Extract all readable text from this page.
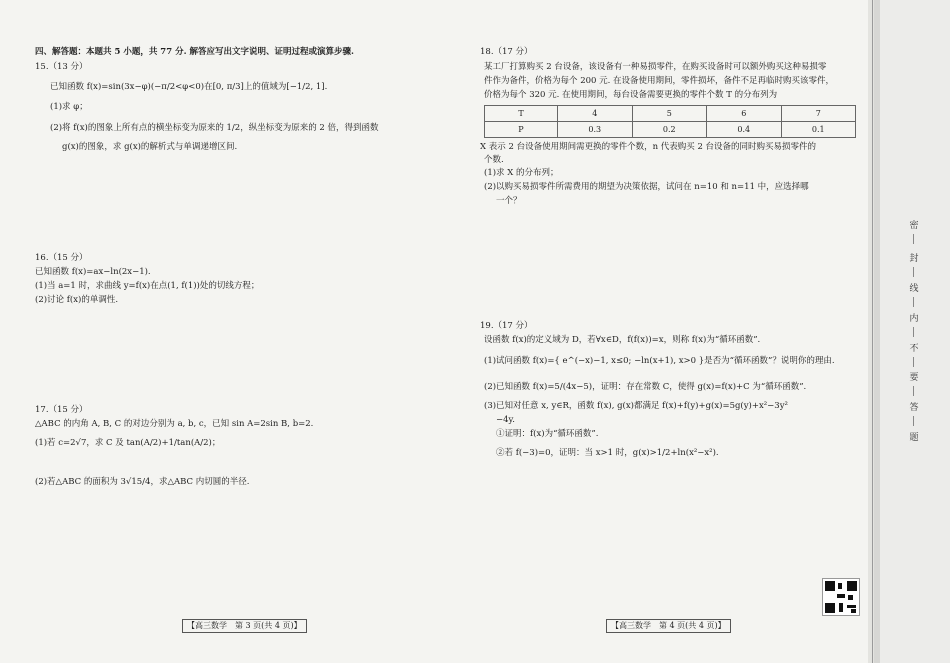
四、解答题：本题共 5 小题，共 77 分. 解答应写出文字说明、证明过程或演算步骤.
15.（13 分）
已知函数 f(x)=sin(3x−φ)(−π/2<φ<0)在[0, π/3]上的值域为[−1/2, 1].
(1)求 φ；
(2)将 f(x)的图象上所有点的横坐标变为原来的 1/2，纵坐标变为原来的 2 倍，得到函数
g(x)的图象，求 g(x)的解析式与单调递增区间.
16.（15 分）
已知函数 f(x)=ax−ln(2x−1).
(1)当 a=1 时，求曲线 y=f(x)在点(1, f(1))处的切线方程；
(2)讨论 f(x)的单调性.
17.（15 分）
△ABC 的内角 A, B, C 的对边分别为 a, b, c，已知 sin A=2sin B, b=2.
(1)若 c=2√7，求 C 及 tan(A/2)+1/tan(A/2)；
(2)若△ABC 的面积为 3√15/4，求△ABC 内切圆的半径.
【高三数学　第 3 页(共 4 页)】
18.（17 分）
某工厂打算购买 2 台设备，该设备有一种易损零件，在购买设备时可以额外购买这种易损零
件作为备件，价格为每个 200 元. 在设备使用期间，零件损坏，备件不足再临时购买该零件，
价格为每个 320 元. 在使用期间，每台设备需要更换的零件个数 T 的分布列为
T	4	5	6	7
P	0.3	0.2	0.4	0.1
X 表示 2 台设备使用期间需更换的零件个数，n 代表购买 2 台设备的同时购买易损零件的
个数.
(1)求 X 的分布列；
(2)以购买易损零件所需费用的期望为决策依据，试问在 n=10 和 n=11 中，应选择哪
一个？
19.（17 分）
设函数 f(x)的定义域为 D，若∀x∈D，f(f(x))=x，则称 f(x)为“循环函数”.
(1)试问函数 f(x)={ e^(−x)−1, x≤0; −ln(x+1), x>0 }是否为“循环函数”？说明你的理由.
(2)已知函数 f(x)=5/(4x−5)，证明：存在常数 C，使得 g(x)=f(x)+C 为“循环函数”.
(3)已知对任意 x, y∈R，函数 f(x), g(x)都满足 f(x)+f(y)+g(x)=5g(y)+x²−3y²
−4y.
①证明：f(x)为“循环函数”.
②若 f(−3)=0，证明：当 x>1 时，g(x)>1/2+ln(x²−x²).
【高三数学　第 4 页(共 4 页)】
密
封
线
内
不
要
答
题
